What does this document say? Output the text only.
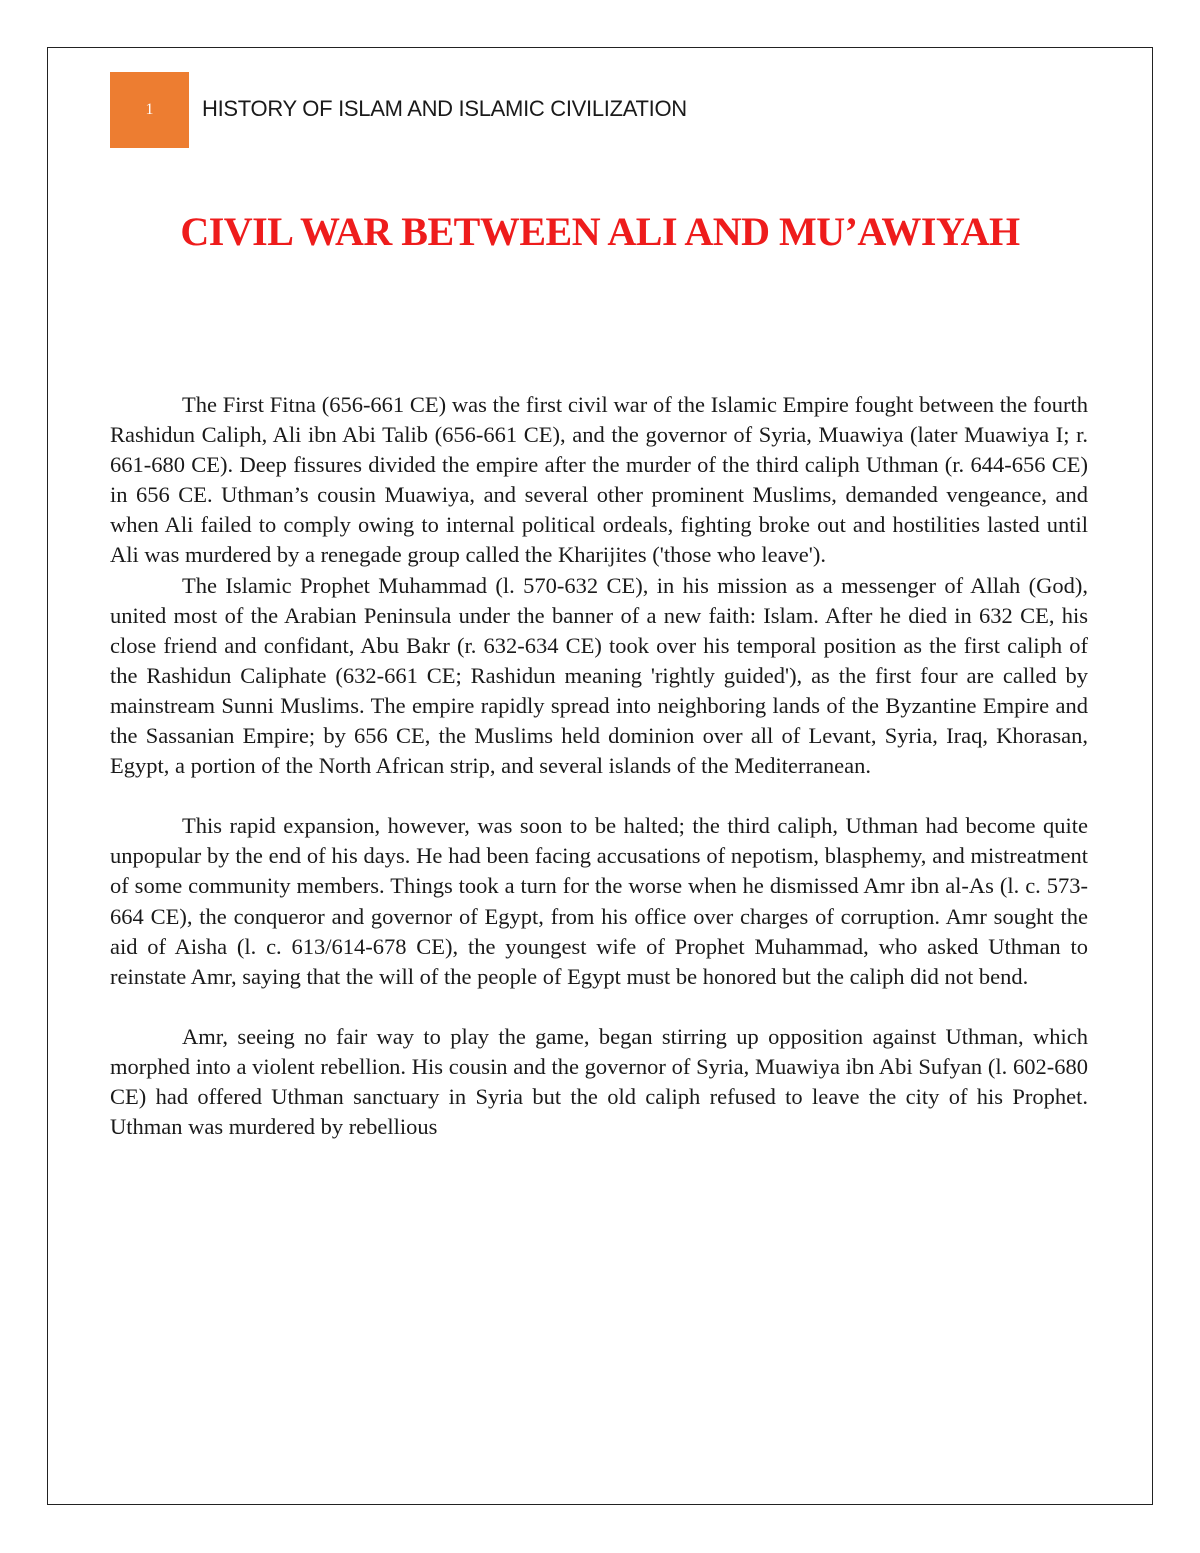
1 HISTORY OF ISLAM AND ISLAMIC CIVILIZATION
CIVIL WAR BETWEEN ALI AND MU’AWIYAH

The First Fitna (656-661 CE) was the first civil war of the Islamic Empire fought between the fourth Rashidun Caliph, Ali ibn Abi Talib (656-661 CE), and the governor of Syria, Muawiya (later Muawiya I; r. 661-680 CE). Deep fissures divided the empire after the murder of the third caliph Uthman (r. 644-656 CE) in 656 CE. Uthman’s cousin Muawiya, and several other prominent Muslims, demanded vengeance, and when Ali failed to comply owing to internal political ordeals, fighting broke out and hostilities lasted until Ali was murdered by a renegade group called the Kharijites ('those who leave').

The Islamic Prophet Muhammad (l. 570-632 CE), in his mission as a messenger of Allah (God), united most of the Arabian Peninsula under the banner of a new faith: Islam. After he died in 632 CE, his close friend and confidant, Abu Bakr (r. 632-634 CE) took over his temporal position as the first caliph of the Rashidun Caliphate (632-661 CE; Rashidun meaning 'rightly guided'), as the first four are called by mainstream Sunni Muslims. The empire rapidly spread into neighboring lands of the Byzantine Empire and the Sassanian Empire; by 656 CE, the Muslims held dominion over all of Levant, Syria, Iraq, Khorasan, Egypt, a portion of the North African strip, and several islands of the Mediterranean.

This rapid expansion, however, was soon to be halted; the third caliph, Uthman had become quite unpopular by the end of his days. He had been facing accusations of nepotism, blasphemy, and mistreatment of some community members. Things took a turn for the worse when he dismissed Amr ibn al-As (l. c. 573-664 CE), the conqueror and governor of Egypt, from his office over charges of corruption. Amr sought the aid of Aisha (l. c. 613/614-678 CE), the youngest wife of Prophet Muhammad, who asked Uthman to reinstate Amr, saying that the will of the people of Egypt must be honored but the caliph did not bend.

Amr, seeing no fair way to play the game, began stirring up opposition against Uthman, which morphed into a violent rebellion. His cousin and the governor of Syria, Muawiya ibn Abi Sufyan (l. 602-680 CE) had offered Uthman sanctuary in Syria but the old caliph refused to leave the city of his Prophet. Uthman was murdered by rebellious
